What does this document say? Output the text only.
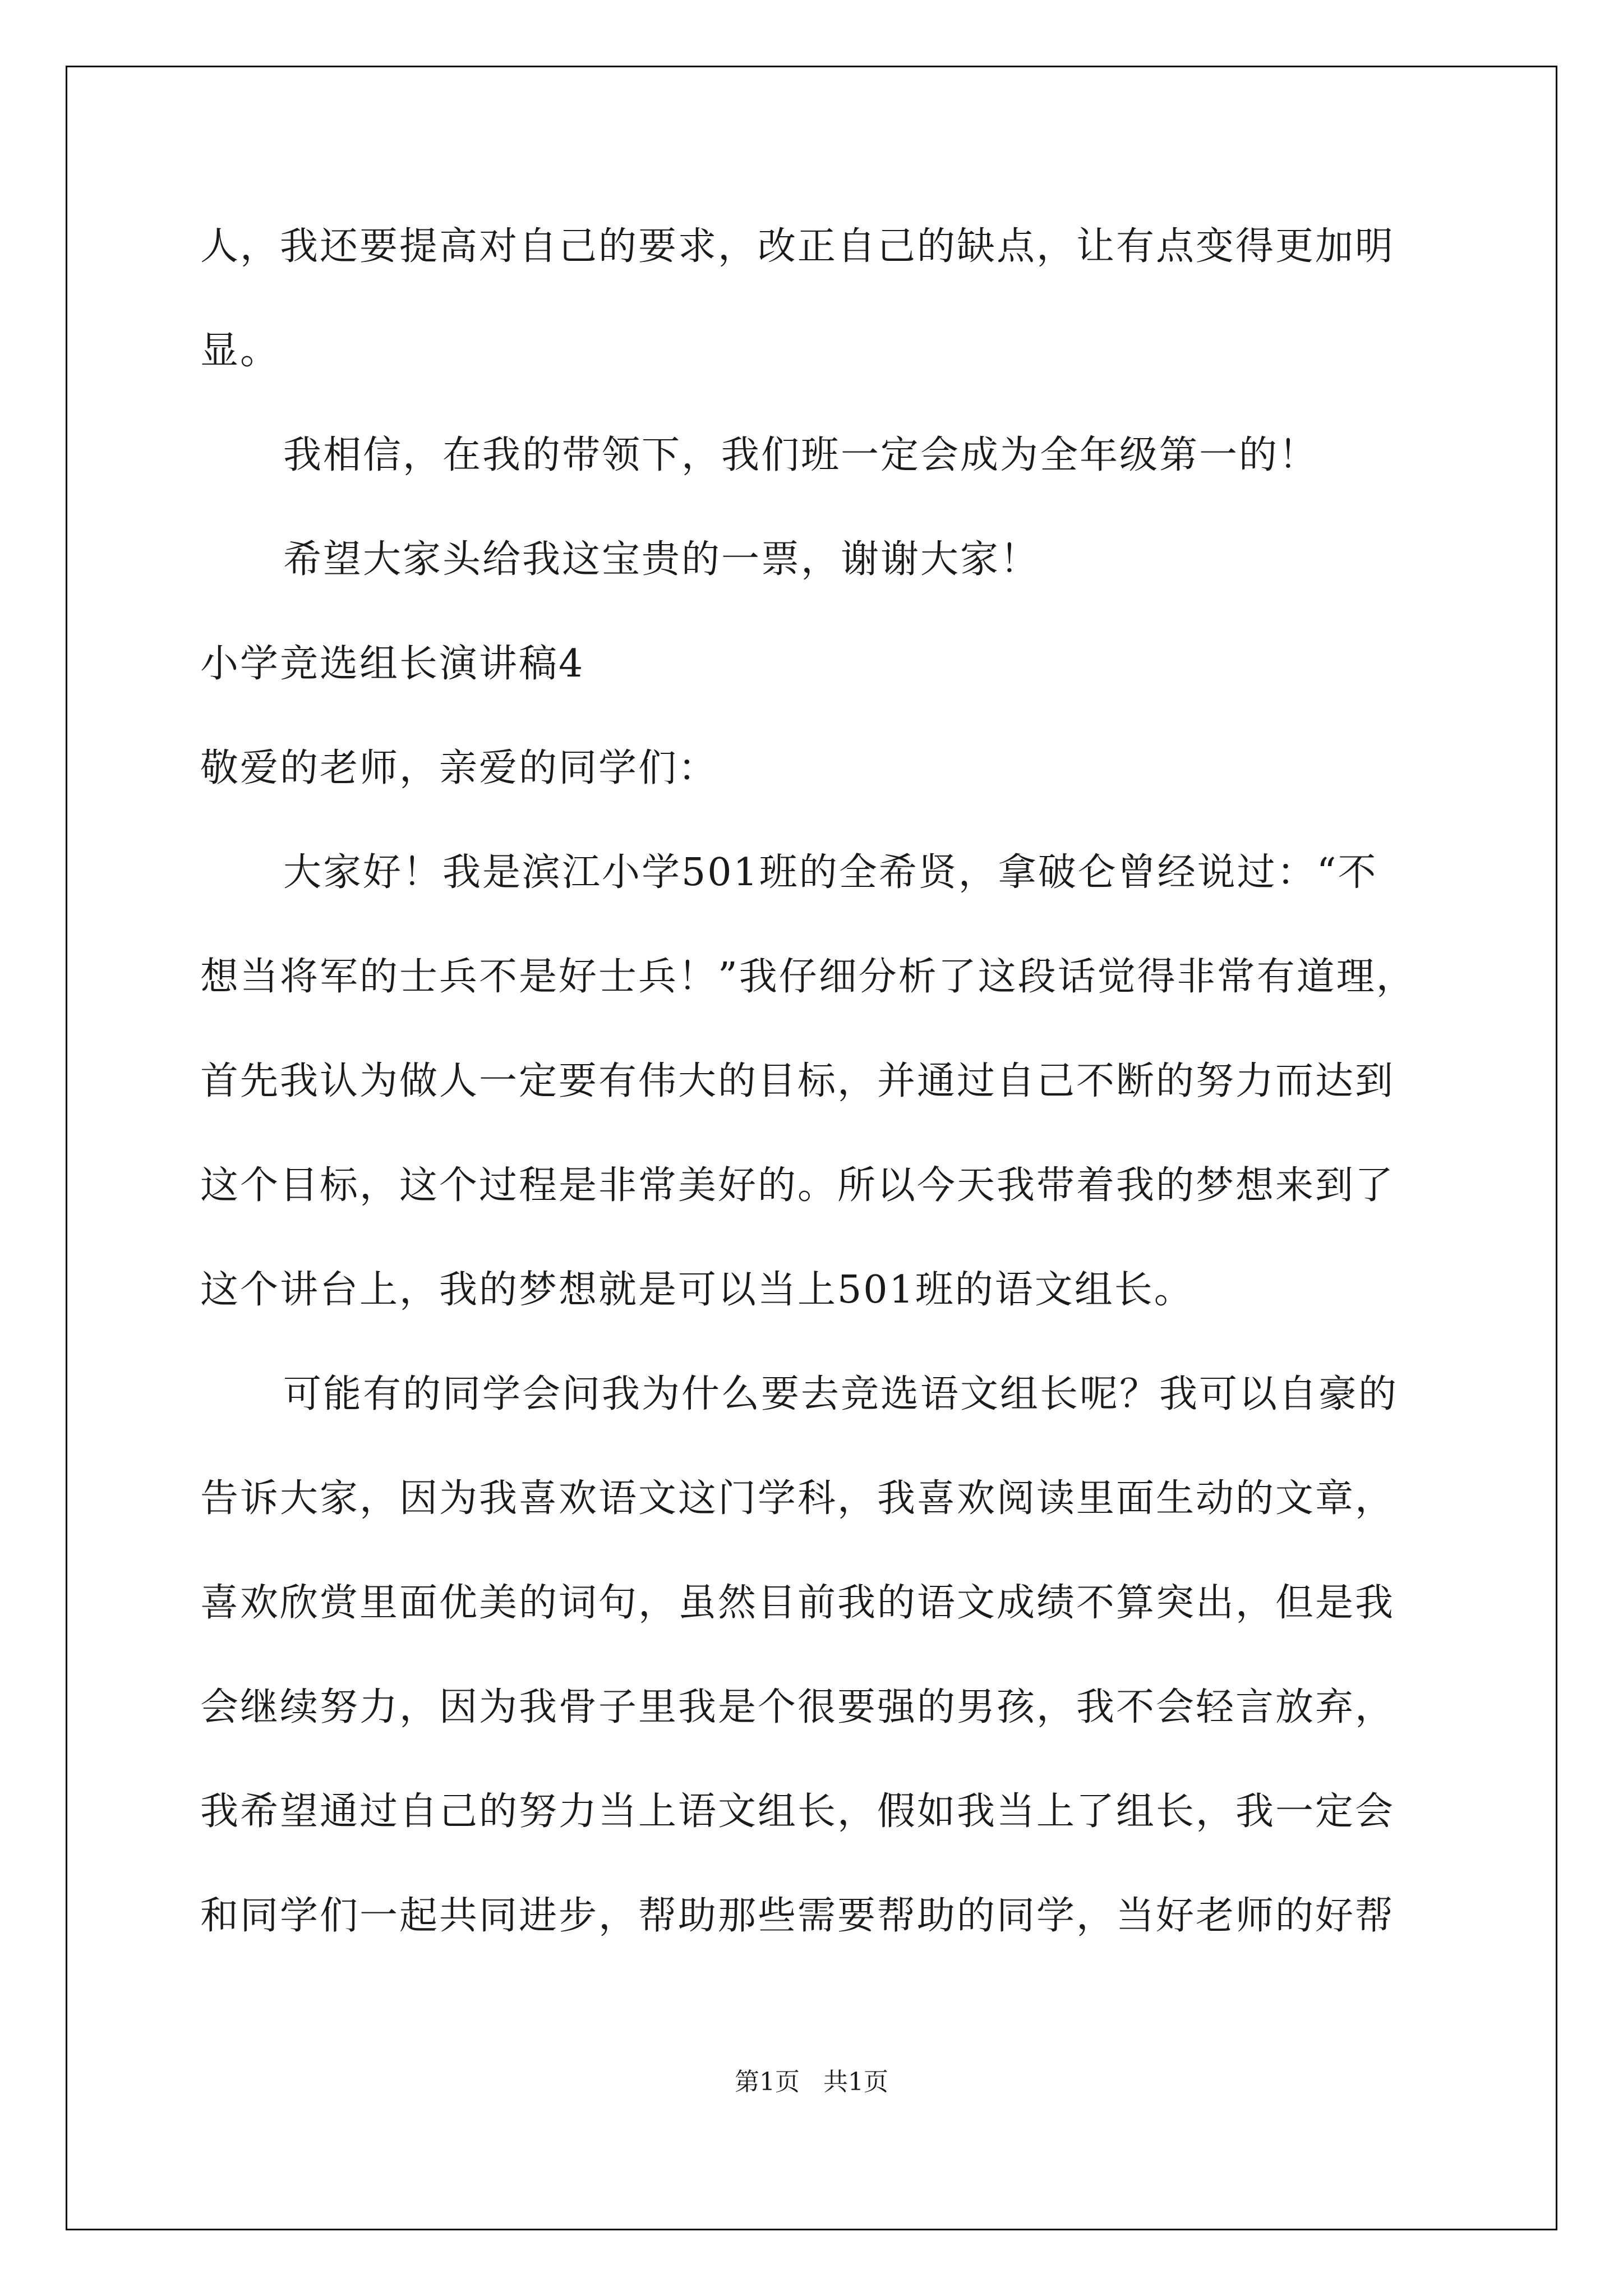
人，我还要提高对自己的要求，改正自己的缺点，让有点变得更加明
显。
我相信，在我的带领下，我们班一定会成为全年级第一的！
希望大家头给我这宝贵的一票，谢谢大家！
小学竞选组长演讲稿4
敬爱的老师，亲爱的同学们：
大家好！我是滨江小学501班的全希贤，拿破仑曾经说过：“不
想当将军的士兵不是好士兵！”我仔细分析了这段话觉得非常有道理，
首先我认为做人一定要有伟大的目标，并通过自己不断的努力而达到
这个目标，这个过程是非常美好的。所以今天我带着我的梦想来到了
这个讲台上，我的梦想就是可以当上501班的语文组长。
可能有的同学会问我为什么要去竞选语文组长呢？我可以自豪的
告诉大家，因为我喜欢语文这门学科，我喜欢阅读里面生动的文章，
喜欢欣赏里面优美的词句，虽然目前我的语文成绩不算突出，但是我
会继续努力，因为我骨子里我是个很要强的男孩，我不会轻言放弃，
我希望通过自己的努力当上语文组长，假如我当上了组长，我一定会
和同学们一起共同进步，帮助那些需要帮助的同学，当好老师的好帮
第1页   共1页
